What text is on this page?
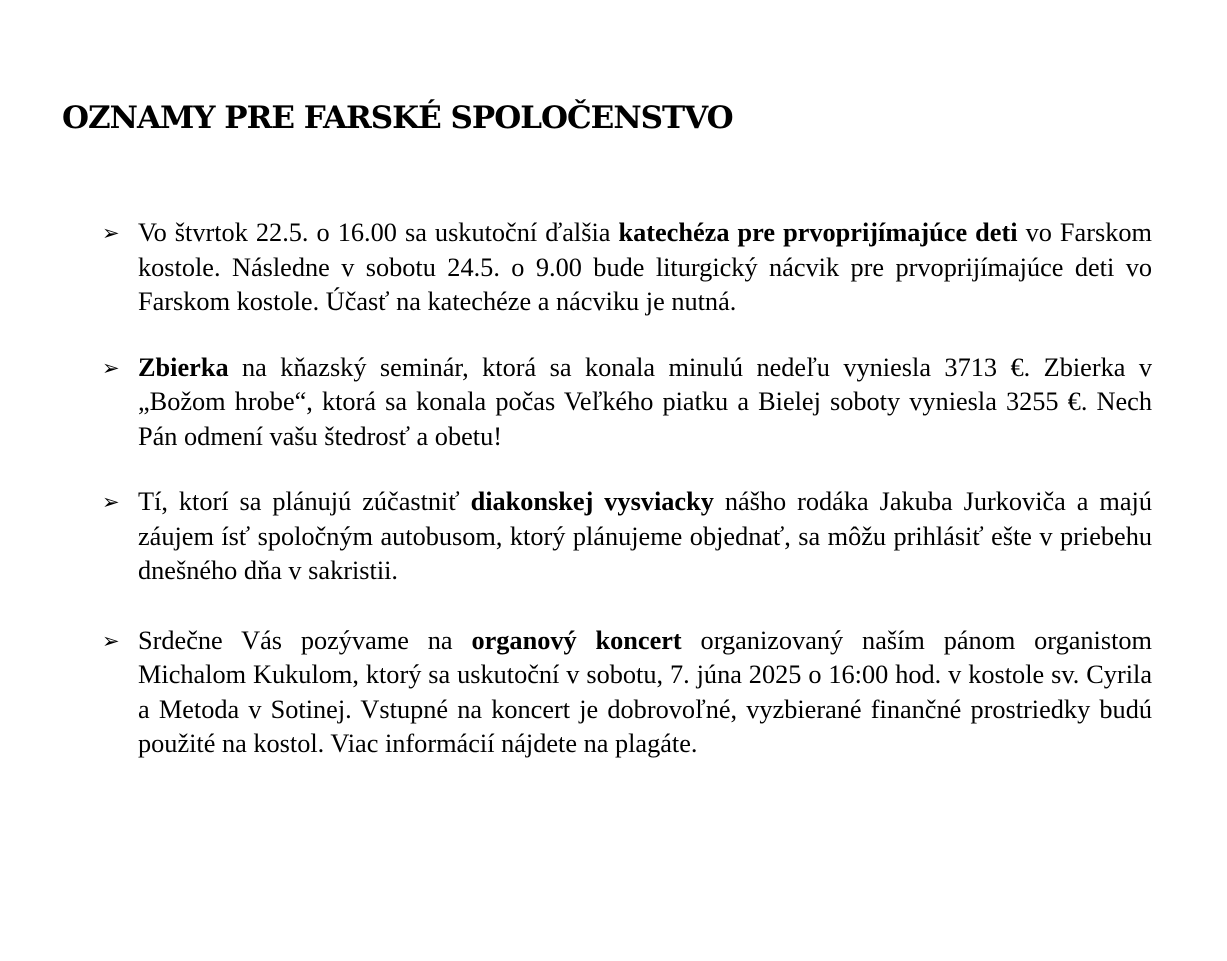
OZNAMY PRE FARSKÉ SPOLOČENSTVO
➢ Vo štvrtok 22.5. o 16.00 sa uskutoční ďalšia katechéza pre prvoprijímajúce deti vo Farskom kostole. Následne v sobotu 24.5. o 9.00 bude liturgický nácvik pre prvoprijímajúce deti vo Farskom kostole. Účasť na katechéze a nácviku je nutná.
➢ Zbierka na kňazský seminár, ktorá sa konala minulú nedeľu vyniesla 3713 €. Zbierka v „Božom hrobe“, ktorá sa konala počas Veľkého piatku a Bielej soboty vyniesla 3255 €. Nech Pán odmení vašu štedrosť a obetu!
➢ Tí, ktorí sa plánujú zúčastniť diakonskej vysviacky nášho rodáka Jakuba Jurkoviča a majú záujem ísť spoločným autobusom, ktorý plánujeme objednať, sa môžu prihlásiť ešte v priebehu dnešného dňa v sakristii.
➢ Srdečne Vás pozývame na organový koncert organizovaný naším pánom organistom Michalom Kukulom, ktorý sa uskutoční v sobotu, 7. júna 2025 o 16:00 hod. v kostole sv. Cyrila a Metoda v Sotinej. Vstupné na koncert je dobrovoľné, vyzbierané finančné prostriedky budú použité na kostol. Viac informácií nájdete na plagáte.
